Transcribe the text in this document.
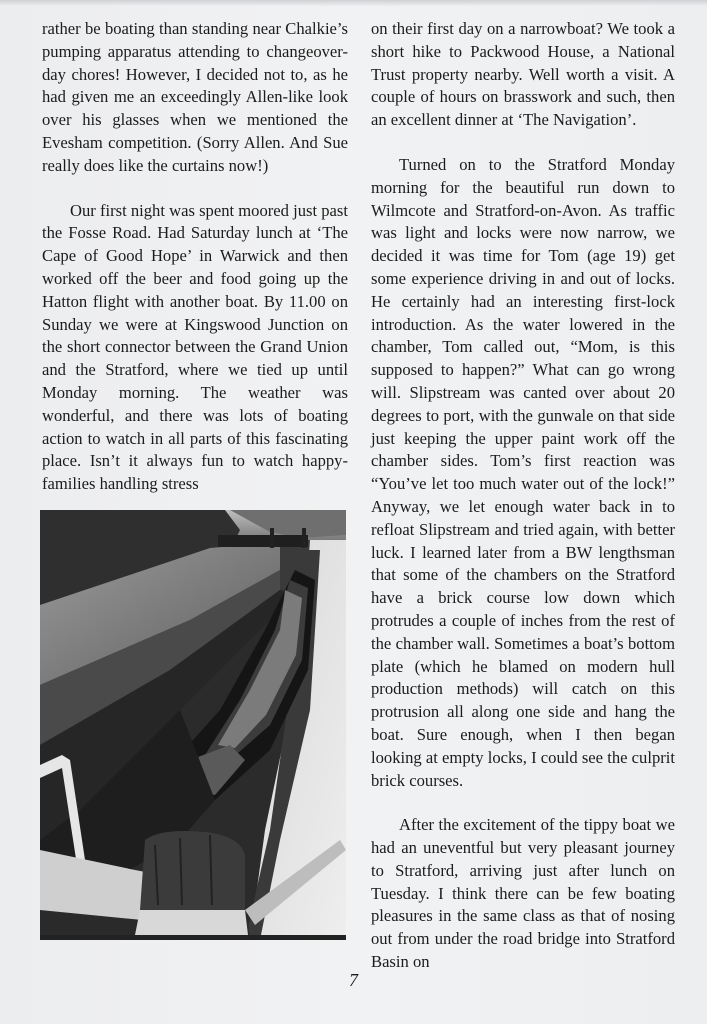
rather be boating than standing near Chalkie’s pumping apparatus attending to changeover-day chores! However, I decided not to, as he had given me an exceedingly Allen-like look over his glasses when we mentioned the Evesham competition. (Sorry Allen. And Sue really does like the curtains now!)

Our first night was spent moored just past the Fosse Road. Had Saturday lunch at ‘The Cape of Good Hope’ in Warwick and then worked off the beer and food going up the Hatton flight with another boat. By 11.00 on Sunday we were at Kingswood Junction on the short connector between the Grand Union and the Stratford, where we tied up until Monday morning. The weather was wonderful, and there was lots of boating action to watch in all parts of this fascinating place. Isn’t it always fun to watch happy-families handling stress

on their first day on a narrowboat? We took a short hike to Packwood House, a National Trust property nearby. Well worth a visit. A couple of hours on brasswork and such, then an excellent dinner at ‘The Navigation’.

Turned on to the Stratford Monday morning for the beautiful run down to Wilmcote and Stratford-on-Avon. As traffic was light and locks were now narrow, we decided it was time for Tom (age 19) get some experience driving in and out of locks. He certainly had an interesting first-lock introduction. As the water lowered in the chamber, Tom called out, “Mom, is this supposed to happen?” What can go wrong will. Slipstream was canted over about 20 degrees to port, with the gunwale on that side just keeping the upper paint work off the chamber sides. Tom’s first reaction was “You’ve let too much water out of the lock!” Anyway, we let enough water back in to refloat Slipstream and tried again, with better luck. I learned later from a BW lengthsman that some of the chambers on the Stratford have a brick course low down which protrudes a couple of inches from the rest of the chamber wall. Sometimes a boat’s bottom plate (which he blamed on modern hull production methods) will catch on this protrusion all along one side and hang the boat. Sure enough, when I then began looking at empty locks, I could see the culprit brick courses.

After the excitement of the tippy boat we had an uneventful but very pleasant journey to Stratford, arriving just after lunch on Tuesday. I think there can be few boating pleasures in the same class as that of nosing out from under the road bridge into Stratford Basin on

7
